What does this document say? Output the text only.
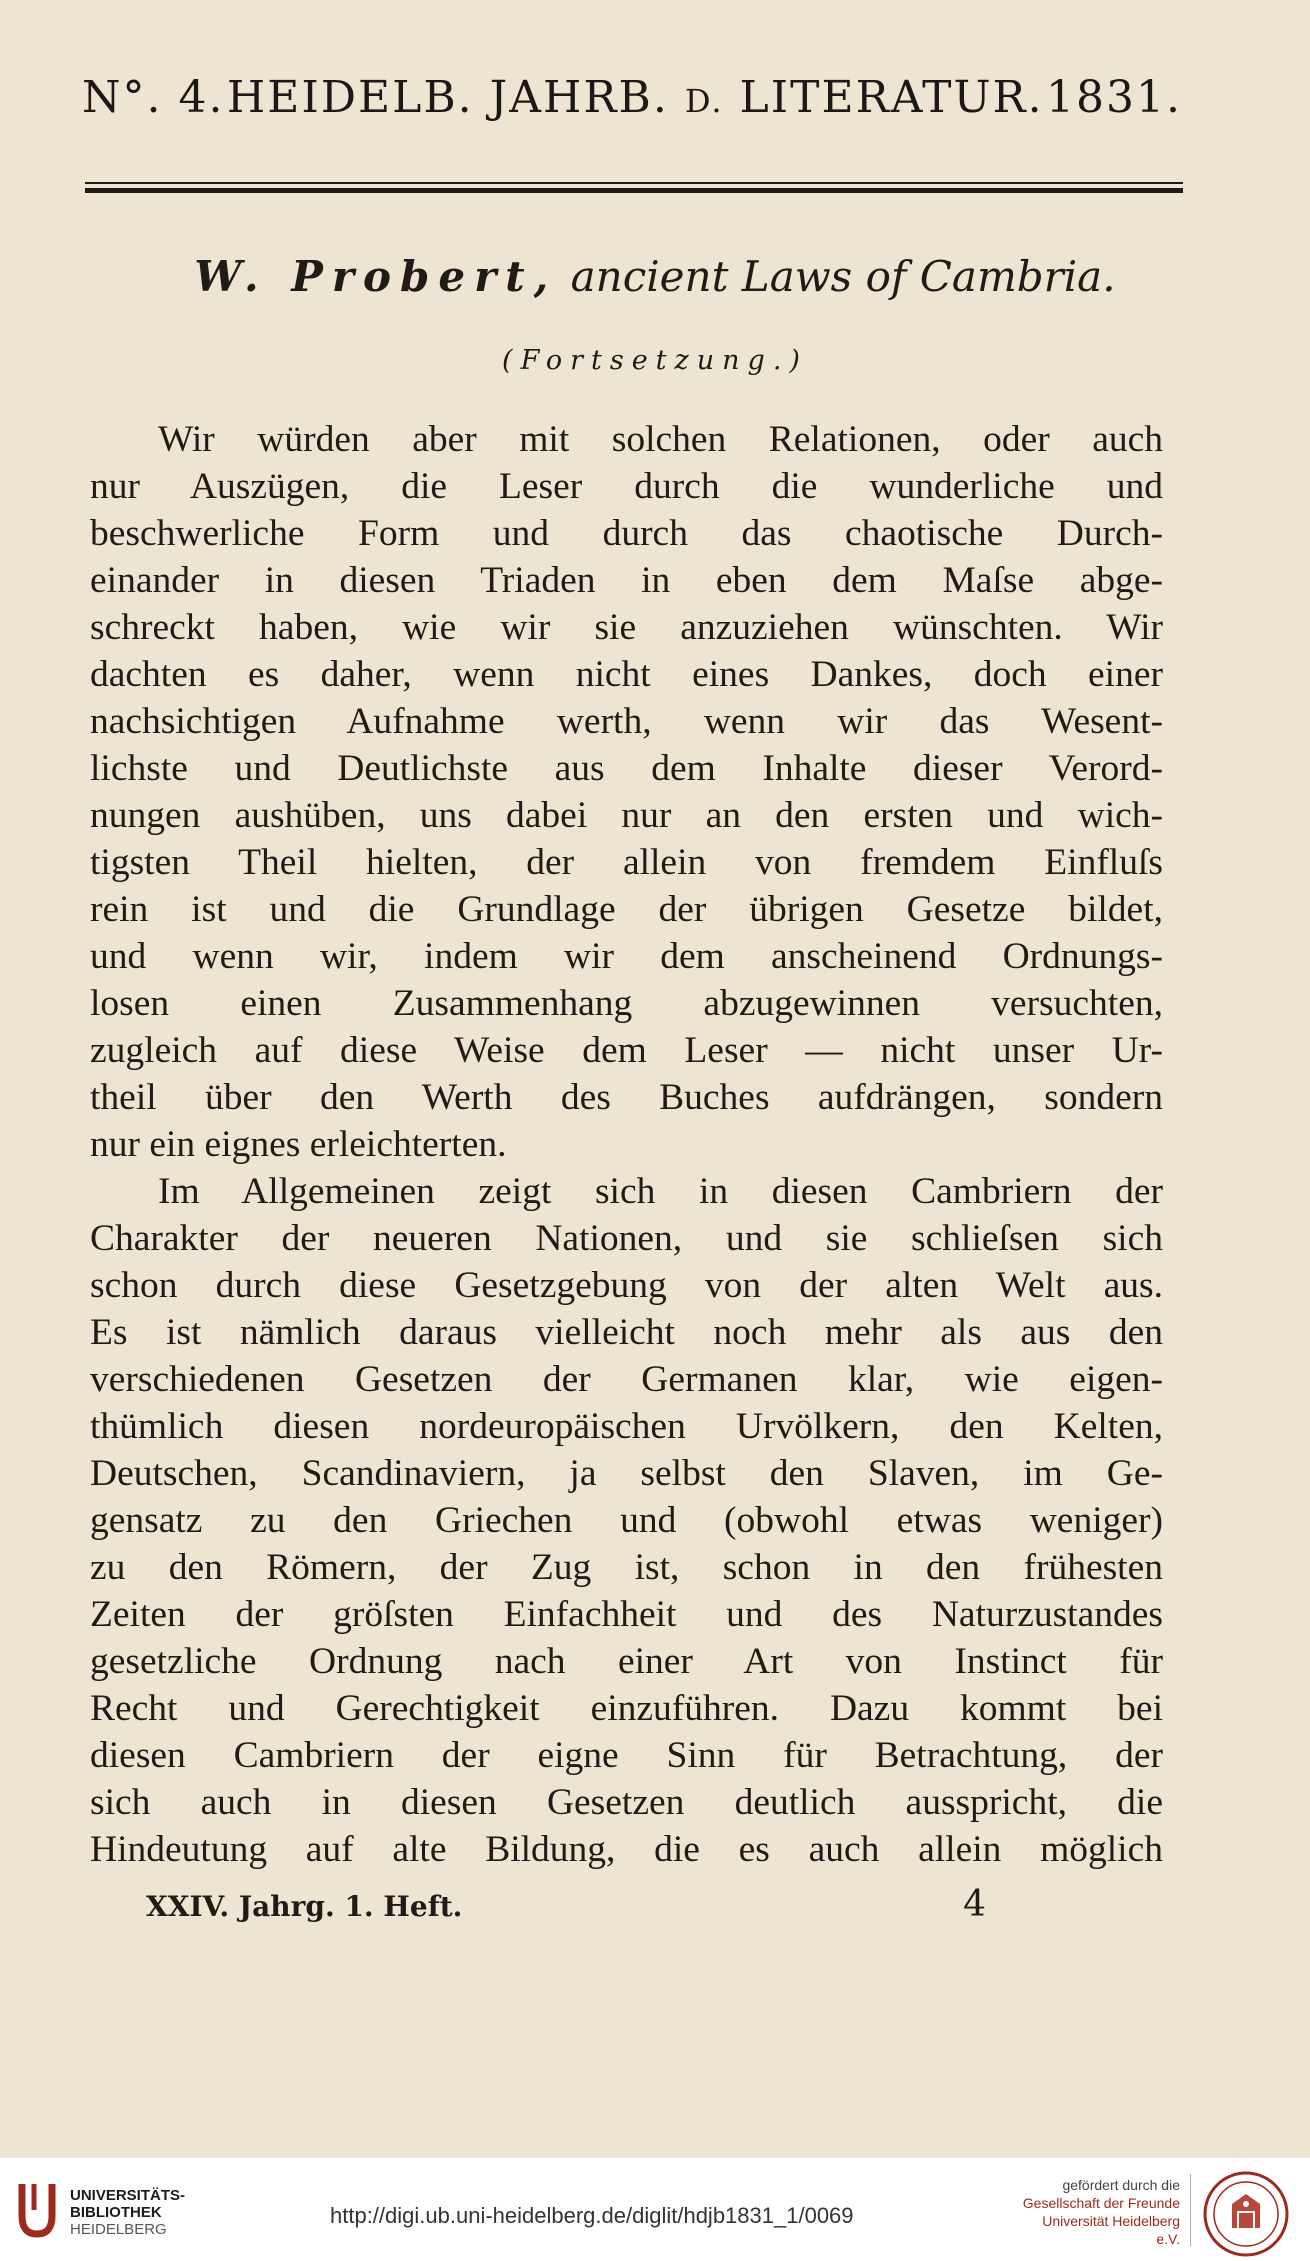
N°. 4. HEIDELB. JAHRB. D. LITERATUR. 1831.
W. Probert, ancient Laws of Cambria.
(Fortsetzung.)
Wir würden aber mit solchen Relationen, oder auch
nur Auszügen, die Leser durch die wunderliche und
beschwerliche Form und durch das chaotische Durch-
einander in diesen Triaden in eben dem Maſse abge-
schreckt haben, wie wir sie anzuziehen wünschten. Wir
dachten es daher, wenn nicht eines Dankes, doch einer
nachsichtigen Aufnahme werth, wenn wir das Wesent-
lichste und Deutlichste aus dem Inhalte dieser Verord-
nungen aushüben, uns dabei nur an den ersten und wich-
tigsten Theil hielten, der allein von fremdem Einfluſs
rein ist und die Grundlage der übrigen Gesetze bildet,
und wenn wir, indem wir dem anscheinend Ordnungs-
losen einen Zusammenhang abzugewinnen versuchten,
zugleich auf diese Weise dem Leser — nicht unser Ur-
theil über den Werth des Buches aufdrängen, sondern
nur ein eignes erleichterten.
Im Allgemeinen zeigt sich in diesen Cambriern der
Charakter der neueren Nationen, und sie schlieſsen sich
schon durch diese Gesetzgebung von der alten Welt aus.
Es ist nämlich daraus vielleicht noch mehr als aus den
verschiedenen Gesetzen der Germanen klar, wie eigen-
thümlich diesen nordeuropäischen Urvölkern, den Kelten,
Deutschen, Scandinaviern, ja selbst den Slaven, im Ge-
gensatz zu den Griechen und (obwohl etwas weniger)
zu den Römern, der Zug ist, schon in den frühesten
Zeiten der gröſsten Einfachheit und des Naturzustandes
gesetzliche Ordnung nach einer Art von Instinct für
Recht und Gerechtigkeit einzuführen. Dazu kommt bei
diesen Cambriern der eigne Sinn für Betrachtung, der
sich auch in diesen Gesetzen deutlich ausspricht, die
Hindeutung auf alte Bildung, die es auch allein möglich
XXIV. Jahrg. 1. Heft.	4
UNIVERSITÄTS-
BIBLIOTHEK
HEIDELBERG
http://digi.ub.uni-heidelberg.de/diglit/hdjb1831_1/0069
gefördert durch die
Gesellschaft der Freunde
Universität Heidelberg e.V.
